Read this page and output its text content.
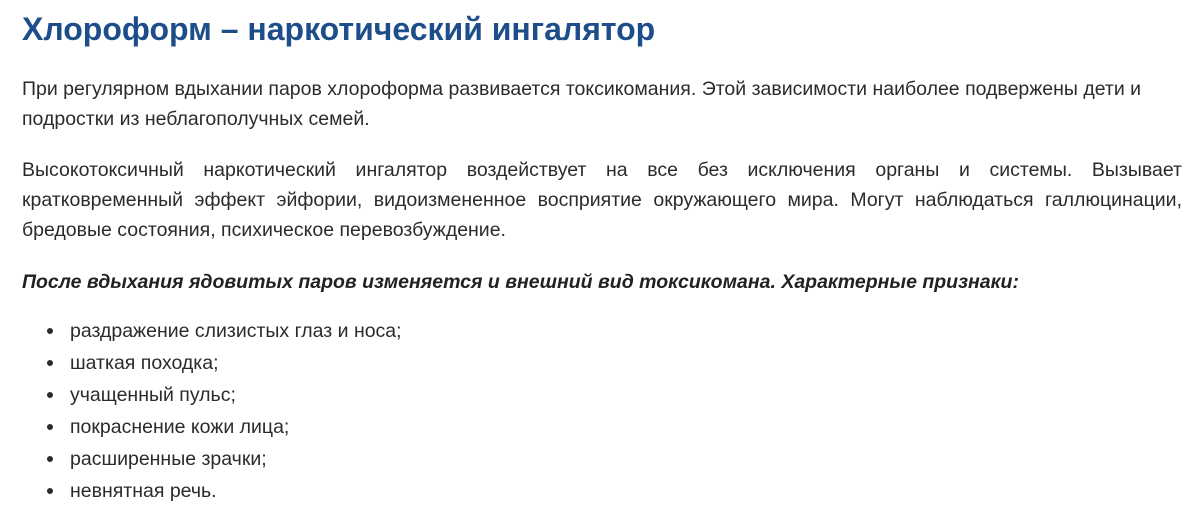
Хлороформ – наркотический ингалятор

При регулярном вдыхании паров хлороформа развивается токсикомания. Этой зависимости наиболее подвержены дети и подростки из неблагополучных семей.

Высокотоксичный наркотический ингалятор воздействует на все без исключения органы и системы. Вызывает кратковременный эффект эйфории, видоизмененное восприятие окружающего мира. Могут наблюдаться галлюцинации, бредовые состояния, психическое перевозбуждение.

После вдыхания ядовитых паров изменяется и внешний вид токсикомана. Характерные признаки:

раздражение слизистых глаз и носа;
шаткая походка;
учащенный пульс;
покраснение кожи лица;
расширенные зрачки;
невнятная речь.
